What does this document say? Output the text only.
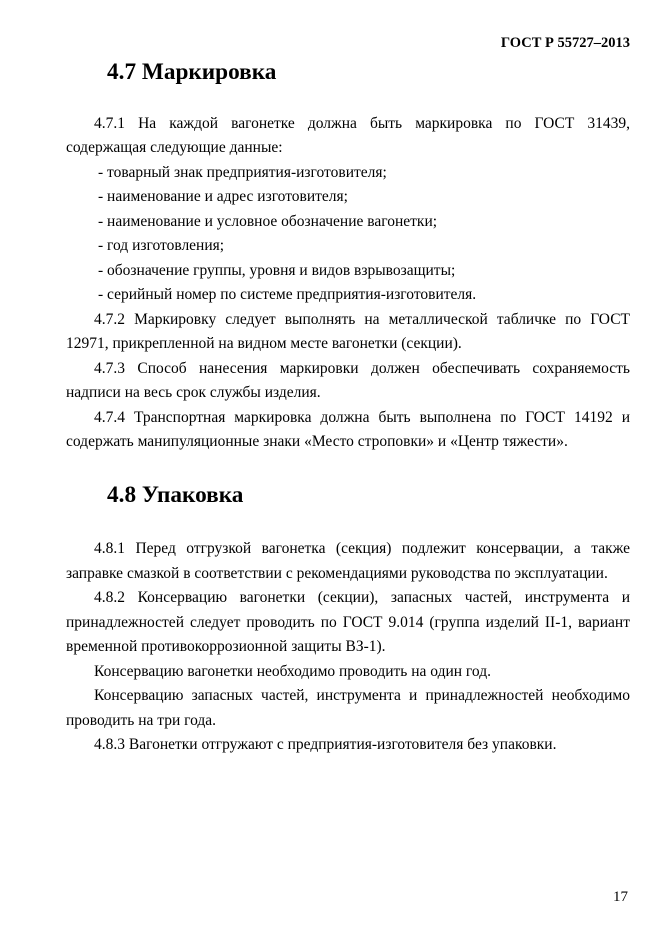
ГОСТ Р 55727–2013
4.7 Маркировка

4.7.1 На каждой вагонетке должна быть маркировка по ГОСТ 31439, содержащая следующие данные:

- товарный знак предприятия-изготовителя;

- наименование и адрес изготовителя;

- наименование и условное обозначение вагонетки;

- год изготовления;

- обозначение группы, уровня и видов взрывозащиты;

- серийный номер по системе предприятия-изготовителя.

4.7.2 Маркировку следует выполнять на металлической табличке по ГОСТ 12971, прикрепленной на видном месте вагонетки (секции).

4.7.3 Способ нанесения маркировки должен обеспечивать сохраняемость надписи на весь срок службы изделия.

4.7.4 Транспортная маркировка должна быть выполнена по ГОСТ 14192 и содержать манипуляционные знаки «Место строповки» и «Центр тяжести».

4.8 Упаковка

4.8.1 Перед отгрузкой вагонетка (секция) подлежит консервации, а также заправке смазкой в соответствии с рекомендациями руководства по эксплуатации.

4.8.2 Консервацию вагонетки (секции), запасных частей, инструмента и принадлежностей следует проводить по ГОСТ 9.014 (группа изделий II-1, вариант временной противокоррозионной защиты ВЗ-1).

Консервацию вагонетки необходимо проводить на один год.

Консервацию запасных частей, инструмента и принадлежностей необходимо проводить на три года.

4.8.3 Вагонетки отгружают с предприятия-изготовителя без упаковки.

17
